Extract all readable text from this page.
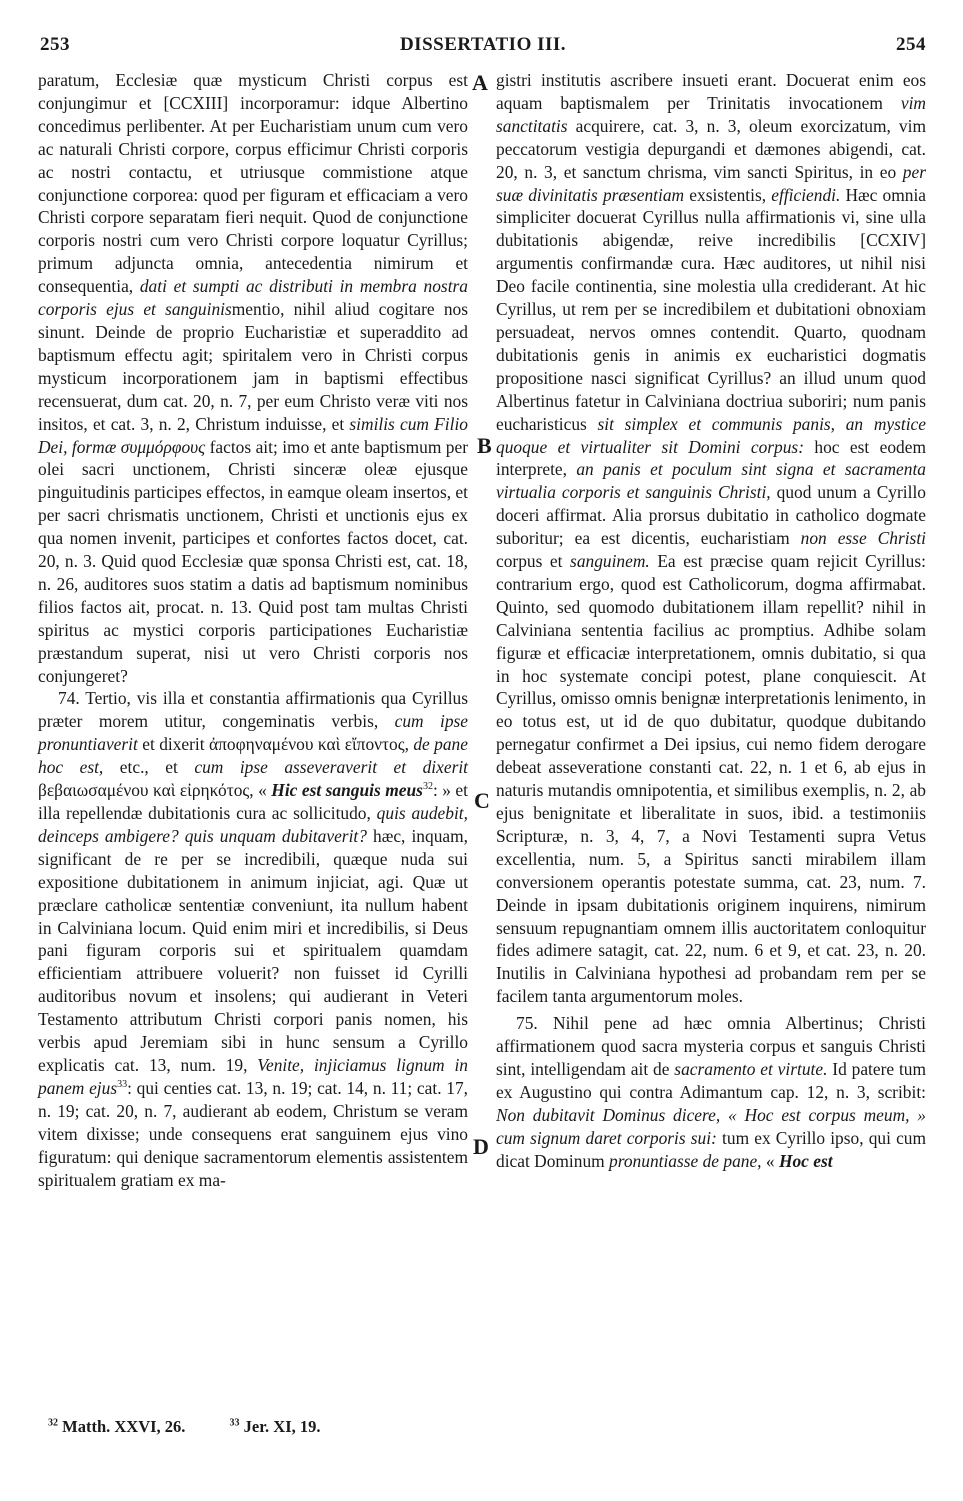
253	DISSERTATIO III.	254
A
B
C
D

paratum, Ecclesiæ quæ mysticum Christi corpus est conjungimur et [CCXIII] incorporamur: idque Albertino concedimus perlibenter. At per Eucharistiam unum cum vero ac naturali Christi corpore, corpus efficimur Christi corporis ac nostri contactu, et utriusque commistione atque conjunctione corporea: quod per figuram et efficaciam a vero Christi corpore separatam fieri nequit. Quod de conjunctione corporis nostri cum vero Christi corpore loquatur Cyrillus; primum adjuncta omnia, antecedentia nimirum et consequentia, dati et sumpti ac distributi in membra nostra corporis ejus et sanguinismentio, nihil aliud cogitare nos sinunt. Deinde de proprio Eucharistiæ et superaddito ad baptismum effectu agit; spiritalem vero in Christi corpus mysticum incorporationem jam in baptismi effectibus recensuerat, dum cat. 20, n. 7, per eum Christo veræ viti nos insitos, et cat. 3, n. 2, Christum induisse, et similis cum Filio Dei, formæ συμμόρφους factos ait; imo et ante baptismum per olei sacri unctionem, Christi sinceræ oleæ ejusque pinguitudinis participes effectos, in eamque oleam insertos, et per sacri chrismatis unctionem, Christi et unctionis ejus ex qua nomen invenit, participes et confortes factos docet, cat. 20, n. 3. Quid quod Ecclesiæ quæ sponsa Christi est, cat. 18, n. 26, auditores suos statim a datis ad baptismum nominibus filios factos ait, procat. n. 13. Quid post tam multas Christi spiritus ac mystici corporis participationes Eucharistiæ præstandum superat, nisi ut vero Christi corporis nos conjungeret?

74. Tertio, vis illa et constantia affirmationis qua Cyrillus præter morem utitur, congeminatis verbis, cum ipse pronuntiaverit et dixerit ἀποφηναμένου καὶ εἴποντος, de pane hoc est, etc., et cum ipse asseveraverit et dixerit βεβαιωσαμένου καὶ εἰρηκότος, « Hic est sanguis meus$^{32}$: » et illa repellendæ dubitationis cura ac sollicitudo, quis audebit, deinceps ambigere? quis unquam dubitaverit? hæc, inquam, significant de re per se incredibili, quæque nuda sui expositione dubitationem in animum injiciat, agi. Quæ ut præclare catholicæ sententiæ conveniunt, ita nullum habent in Calviniana locum. Quid enim miri et incredibilis, si Deus pani figuram corporis sui et spiritualem quamdam efficientiam attribuere voluerit? non fuisset id Cyrilli auditoribus novum et insolens; qui audierant in Veteri Testamento attributum Christi corpori panis nomen, his verbis apud Jeremiam sibi in hunc sensum a Cyrillo explicatis cat. 13, num. 19, Venite, injiciamus lignum in panem ejus$^{33}$: qui centies cat. 13, n. 19; cat. 14, n. 11; cat. 17, n. 19; cat. 20, n. 7, audierant ab eodem, Christum se veram vitem dixisse; unde consequens erat sanguinem ejus vino figuratum: qui denique sacramentorum elementis assistentem spiritualem gratiam ex ma-

gistri institutis ascribere insueti erant. Docuerat enim eos aquam baptismalem per Trinitatis invocationem vim sanctitatis acquirere, cat. 3, n. 3, oleum exorcizatum, vim peccatorum vestigia depurgandi et dæmones abigendi, cat. 20, n. 3, et sanctum chrisma, vim sancti Spiritus, in eo per suæ divinitatis præsentiam exsistentis, efficiendi. Hæc omnia simpliciter docuerat Cyrillus nulla affirmationis vi, sine ulla dubitationis abigendæ, reive incredibilis [CCXIV] argumentis confirmandæ cura. Hæc auditores, ut nihil nisi Deo facile continentia, sine molestia ulla crediderant. At hic Cyrillus, ut rem per se incredibilem et dubitationi obnoxiam persuadeat, nervos omnes contendit. Quarto, quodnam dubitationis genis in animis ex eucharistici dogmatis propositione nasci significat Cyrillus? an illud unum quod Albertinus fatetur in Calviniana doctriua suboriri; num panis eucharisticus sit simplex et communis panis, an mystice quoque et virtualiter sit Domini corpus: hoc est eodem interprete, an panis et poculum sint signa et sacramenta virtualia corporis et sanguinis Christi, quod unum a Cyrillo doceri affirmat. Alia prorsus dubitatio in catholico dogmate suboritur; ea est dicentis, eucharistiam non esse Christi corpus et sanguinem. Ea est præcise quam rejicit Cyrillus: contrarium ergo, quod est Catholicorum, dogma affirmabat. Quinto, sed quomodo dubitationem illam repellit? nihil in Calviniana sententia facilius ac promptius. Adhibe solam figuræ et efficaciæ interpretationem, omnis dubitatio, si qua in hoc systemate concipi potest, plane conquiescit. At Cyrillus, omisso omnis benignæ interpretationis lenimento, in eo totus est, ut id de quo dubitatur, quodque dubitando pernegatur confirmet a Dei ipsius, cui nemo fidem derogare debeat asseveratione constanti cat. 22, n. 1 et 6, ab ejus in naturis mutandis omnipotentia, et similibus exemplis, n. 2, ab ejus benignitate et liberalitate in suos, ibid. a testimoniis Scripturæ, n. 3, 4, 7, a Novi Testamenti supra Vetus excellentia, num. 5, a Spiritus sancti mirabilem illam conversionem operantis potestate summa, cat. 23, num. 7. Deinde in ipsam dubitationis originem inquirens, nimirum sensuum repugnantiam omnem illis auctoritatem conloquitur fides adimere satagit, cat. 22, num. 6 et 9, et cat. 23, n. 20. Inutilis in Calviniana hypothesi ad probandam rem per se facilem tanta argumentorum moles.

75. Nihil pene ad hæc omnia Albertinus; Christi affirmationem quod sacra mysteria corpus et sanguis Christi sint, intelligendam ait de sacramento et virtute. Id patere tum ex Augustino qui contra Adimantum cap. 12, n. 3, scribit: Non dubitavit Dominus dicere, « Hoc est corpus meum, » cum signum daret corporis sui: tum ex Cyrillo ipso, qui cum dicat Dominum pronuntiasse de pane, « Hoc est

$^{32}$ Matth. XXVI, 26.	$^{33}$ Jer. XI, 19.
